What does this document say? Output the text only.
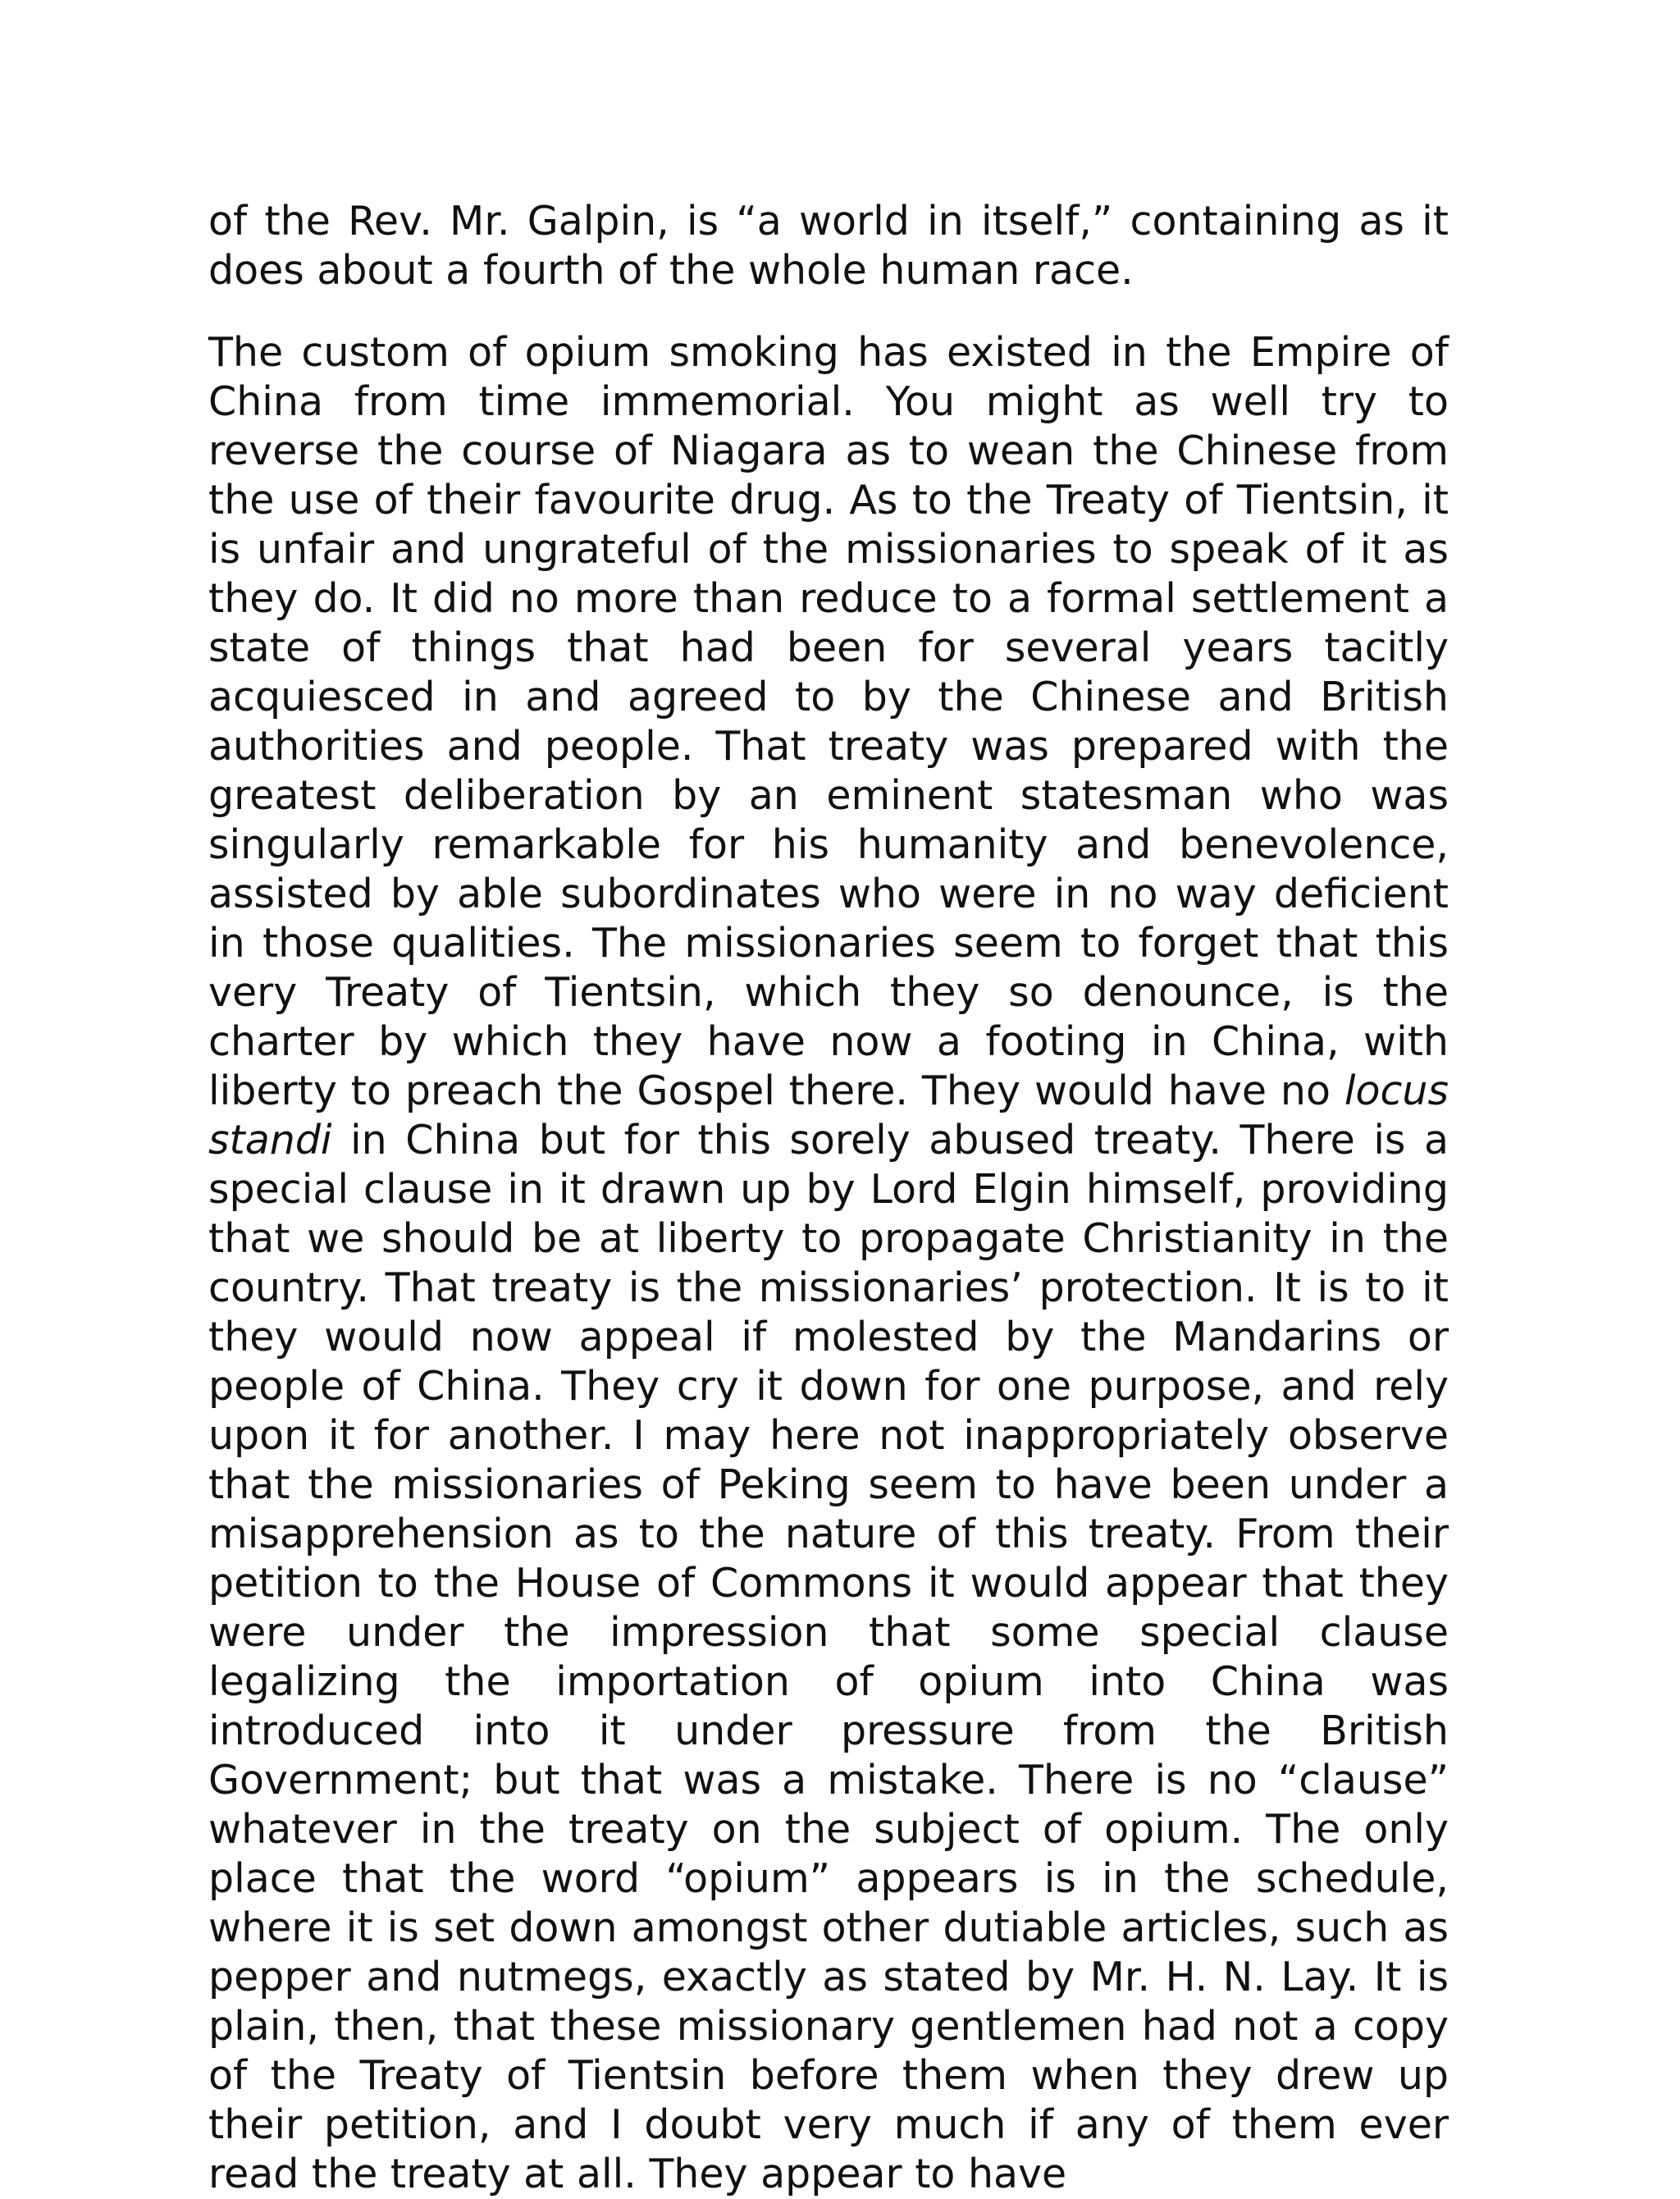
of the Rev. Mr. Galpin, is “a world in itself,” containing as it does about a fourth of the whole human race.

The custom of opium smoking has existed in the Empire of China from time immemorial. You might as well try to reverse the course of Niagara as to wean the Chinese from the use of their favourite drug. As to the Treaty of Tientsin, it is unfair and ungrateful of the missionaries to speak of it as they do. It did no more than reduce to a formal settlement a state of things that had been for several years tacitly acquiesced in and agreed to by the Chinese and British authorities and people. That treaty was prepared with the greatest deliberation by an eminent statesman who was singularly remarkable for his humanity and benevolence, assisted by able subordinates who were in no way deficient in those qualities. The missionaries seem to forget that this very Treaty of Tientsin, which they so denounce, is the charter by which they have now a footing in China, with liberty to preach the Gospel there. They would have no locus standi in China but for this sorely abused treaty. There is a special clause in it drawn up by Lord Elgin himself, providing that we should be at liberty to propagate Christianity in the country. That treaty is the missionaries’ protection. It is to it they would now appeal if molested by the Mandarins or people of China. They cry it down for one purpose, and rely upon it for another. I may here not inappropriately observe that the missionaries of Peking seem to have been under a misapprehension as to the nature of this treaty. From their petition to the House of Commons it would appear that they were under the impression that some special clause legalizing the importation of opium into China was introduced into it under pressure from the British Government; but that was a mistake. There is no “clause” whatever in the treaty on the subject of opium. The only place that the word “opium” appears is in the schedule, where it is set down amongst other dutiable articles, such as pepper and nutmegs, exactly as stated by Mr. H. N. Lay. It is plain, then, that these missionary gentlemen had not a copy of the Treaty of Tientsin before them when they drew up their petition, and I doubt very much if any of them ever read the treaty at all. They appear to have
